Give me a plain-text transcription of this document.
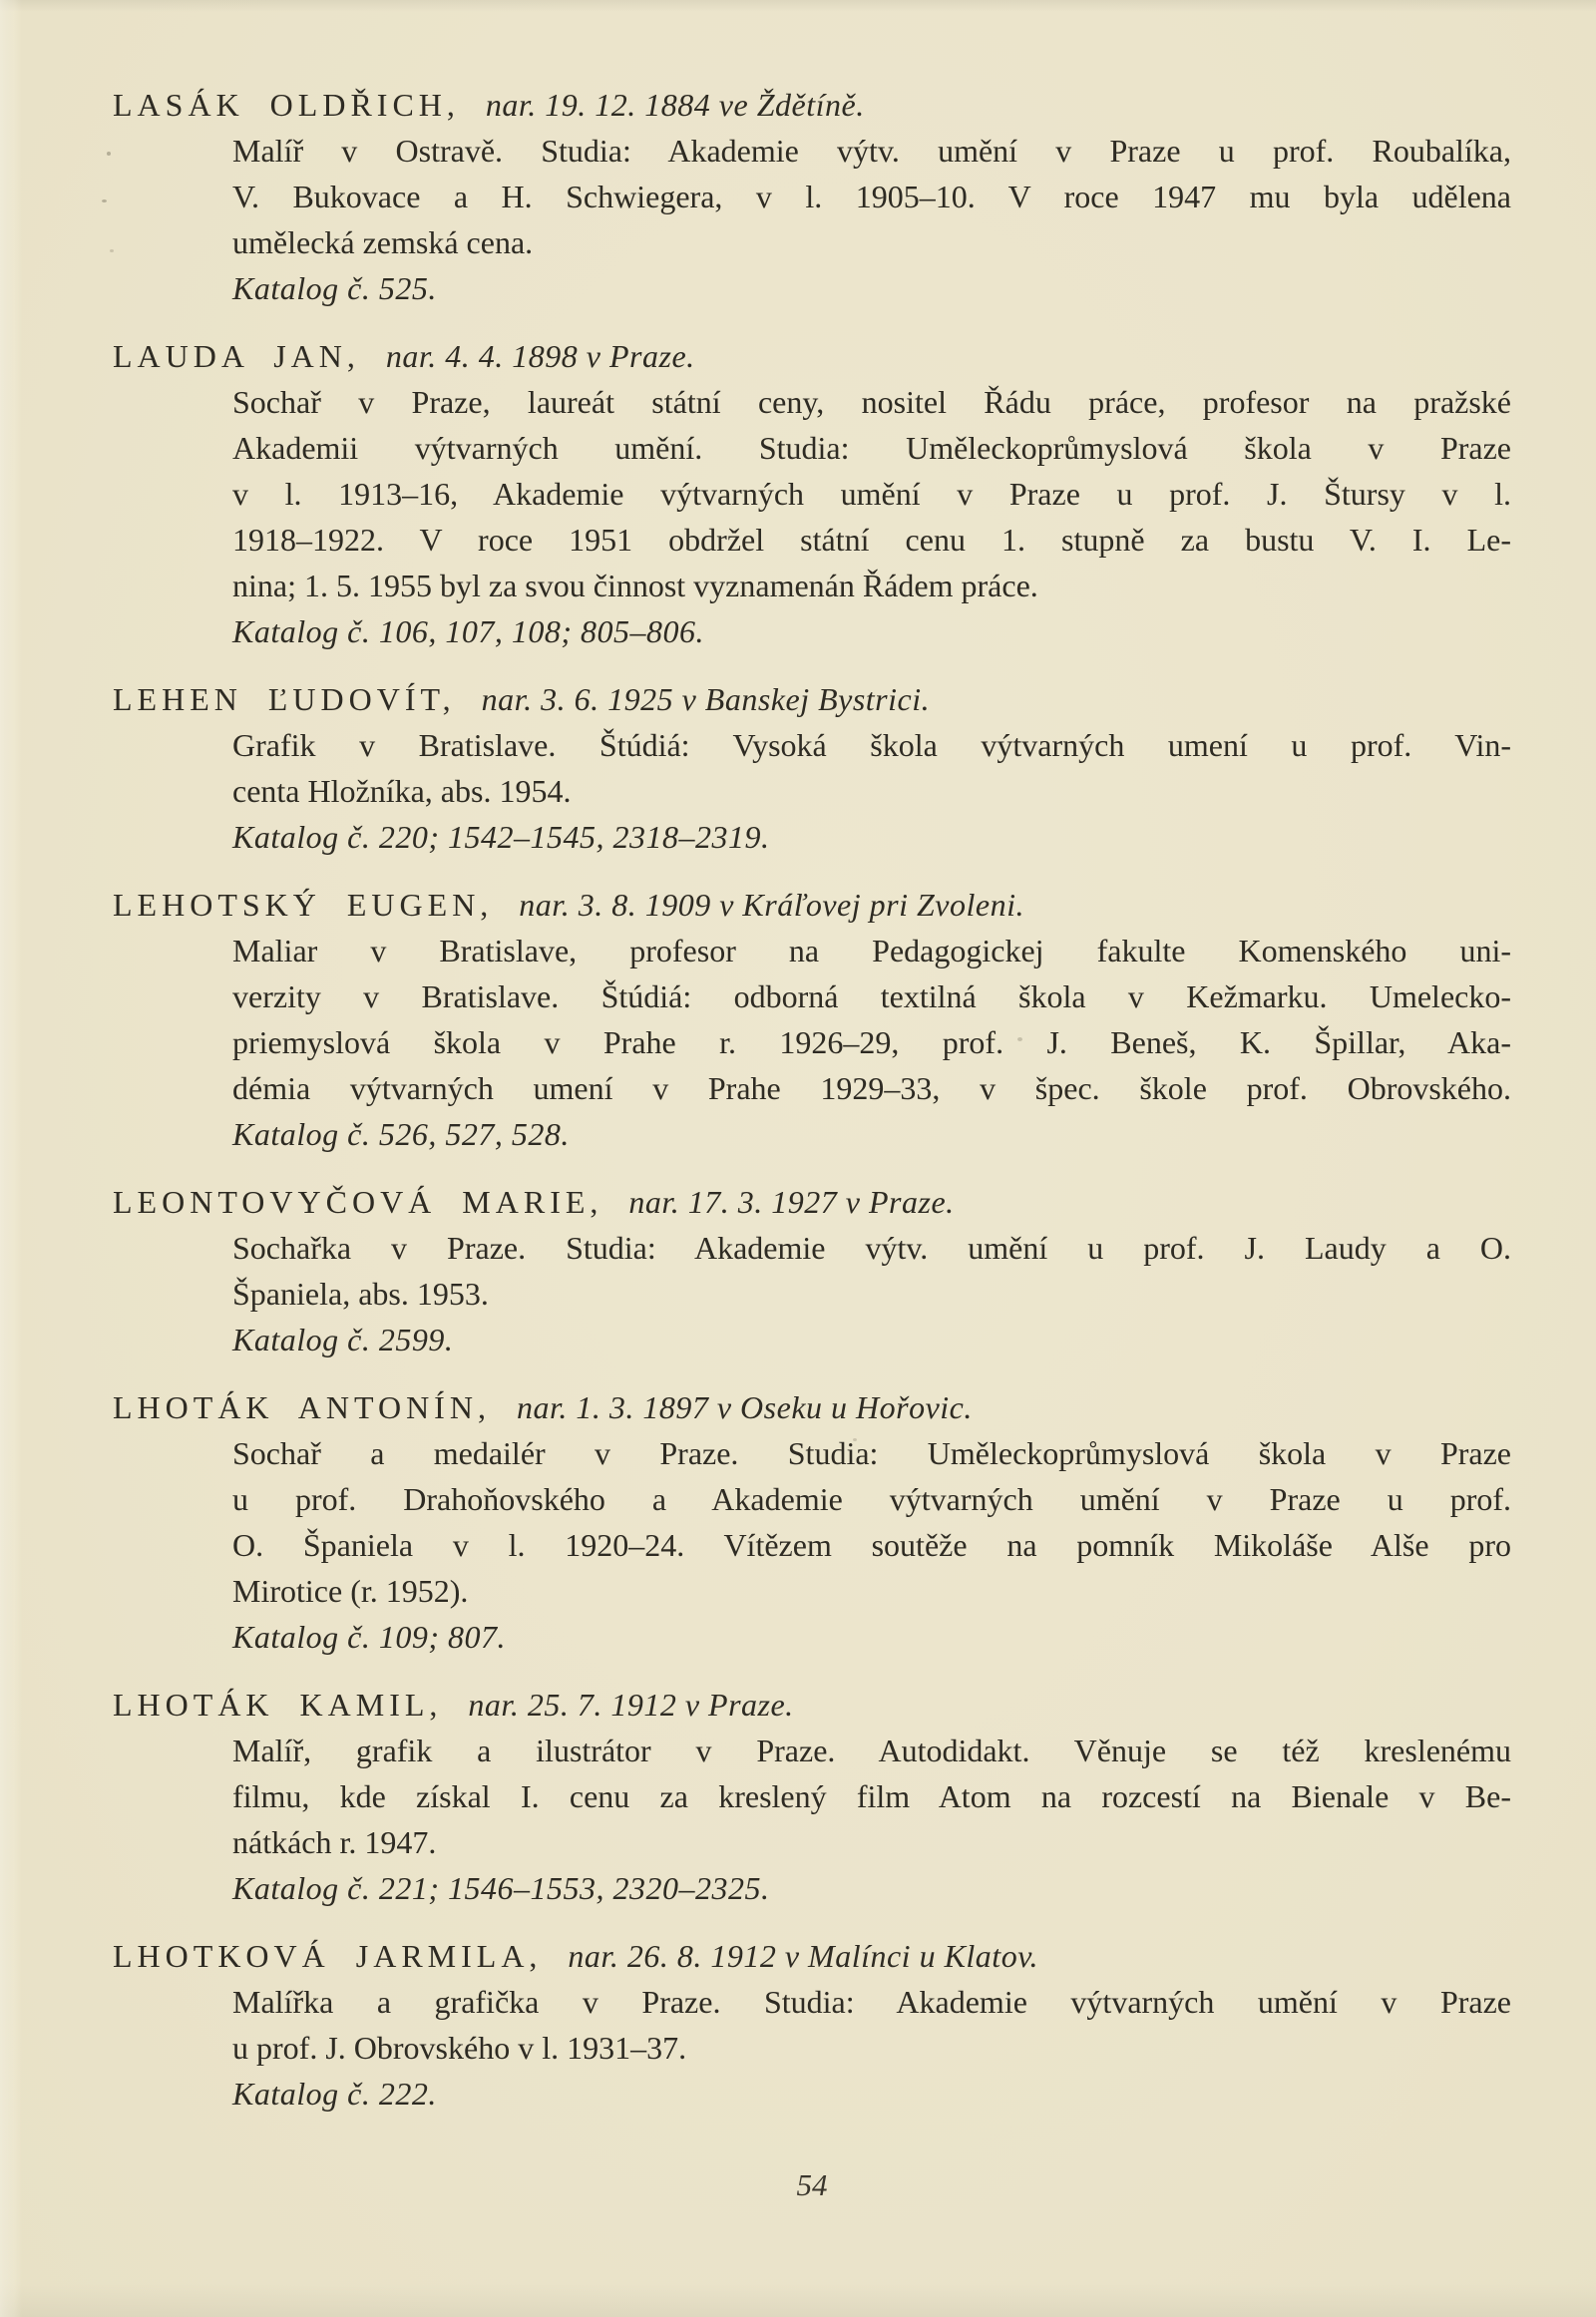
LASÁK OLDŘICH, nar. 19. 12. 1884 ve Ždětíně.
Malíř v Ostravě. Studia: Akademie výtv. umění v Praze u prof. Roubalíka,
V. Bukovace a H. Schwiegera, v l. 1905–10. V roce 1947 mu byla udělena
umělecká zemská cena.
Katalog č. 525.
LAUDA JAN, nar. 4. 4. 1898 v Praze.
Sochař v Praze, laureát státní ceny, nositel Řádu práce, profesor na pražské
Akademii výtvarných umění. Studia: Uměleckoprůmyslová škola v Praze
v l. 1913–16, Akademie výtvarných umění v Praze u prof. J. Štursy v l.
1918–1922. V roce 1951 obdržel státní cenu 1. stupně za bustu V. I. Le-
nina; 1. 5. 1955 byl za svou činnost vyznamenán Řádem práce.
Katalog č. 106, 107, 108; 805–806.
LEHEN ĽUDOVÍT, nar. 3. 6. 1925 v Banskej Bystrici.
Grafik v Bratislave. Štúdiá: Vysoká škola výtvarných umení u prof. Vin-
centa Hložníka, abs. 1954.
Katalog č. 220; 1542–1545, 2318–2319.
LEHOTSKÝ EUGEN, nar. 3. 8. 1909 v Kráľovej pri Zvoleni.
Maliar v Bratislave, profesor na Pedagogickej fakulte Komenského uni-
verzity v Bratislave. Štúdiá: odborná textilná škola v Kežmarku. Umelecko-
priemyslová škola v Prahe r. 1926–29, prof. J. Beneš, K. Špillar, Aka-
démia výtvarných umení v Prahe 1929–33, v špec. škole prof. Obrovského.
Katalog č. 526, 527, 528.
LEONTOVYČOVÁ MARIE, nar. 17. 3. 1927 v Praze.
Sochařka v Praze. Studia: Akademie výtv. umění u prof. J. Laudy a O.
Španiela, abs. 1953.
Katalog č. 2599.
LHOTÁK ANTONÍN, nar. 1. 3. 1897 v Oseku u Hořovic.
Sochař a medailér v Praze. Studia: Uměleckoprůmyslová škola v Praze
u prof. Drahoňovského a Akademie výtvarných umění v Praze u prof.
O. Španiela v l. 1920–24. Vítězem soutěže na pomník Mikoláše Alše pro
Mirotice (r. 1952).
Katalog č. 109; 807.
LHOTÁK KAMIL, nar. 25. 7. 1912 v Praze.
Malíř, grafik a ilustrátor v Praze. Autodidakt. Věnuje se též kreslenému
filmu, kde získal I. cenu za kreslený film Atom na rozcestí na Bienale v Be-
nátkách r. 1947.
Katalog č. 221; 1546–1553, 2320–2325.
LHOTKOVÁ JARMILA, nar. 26. 8. 1912 v Malínci u Klatov.
Malířka a grafička v Praze. Studia: Akademie výtvarných umění v Praze
u prof. J. Obrovského v l. 1931–37.
Katalog č. 222.
54
